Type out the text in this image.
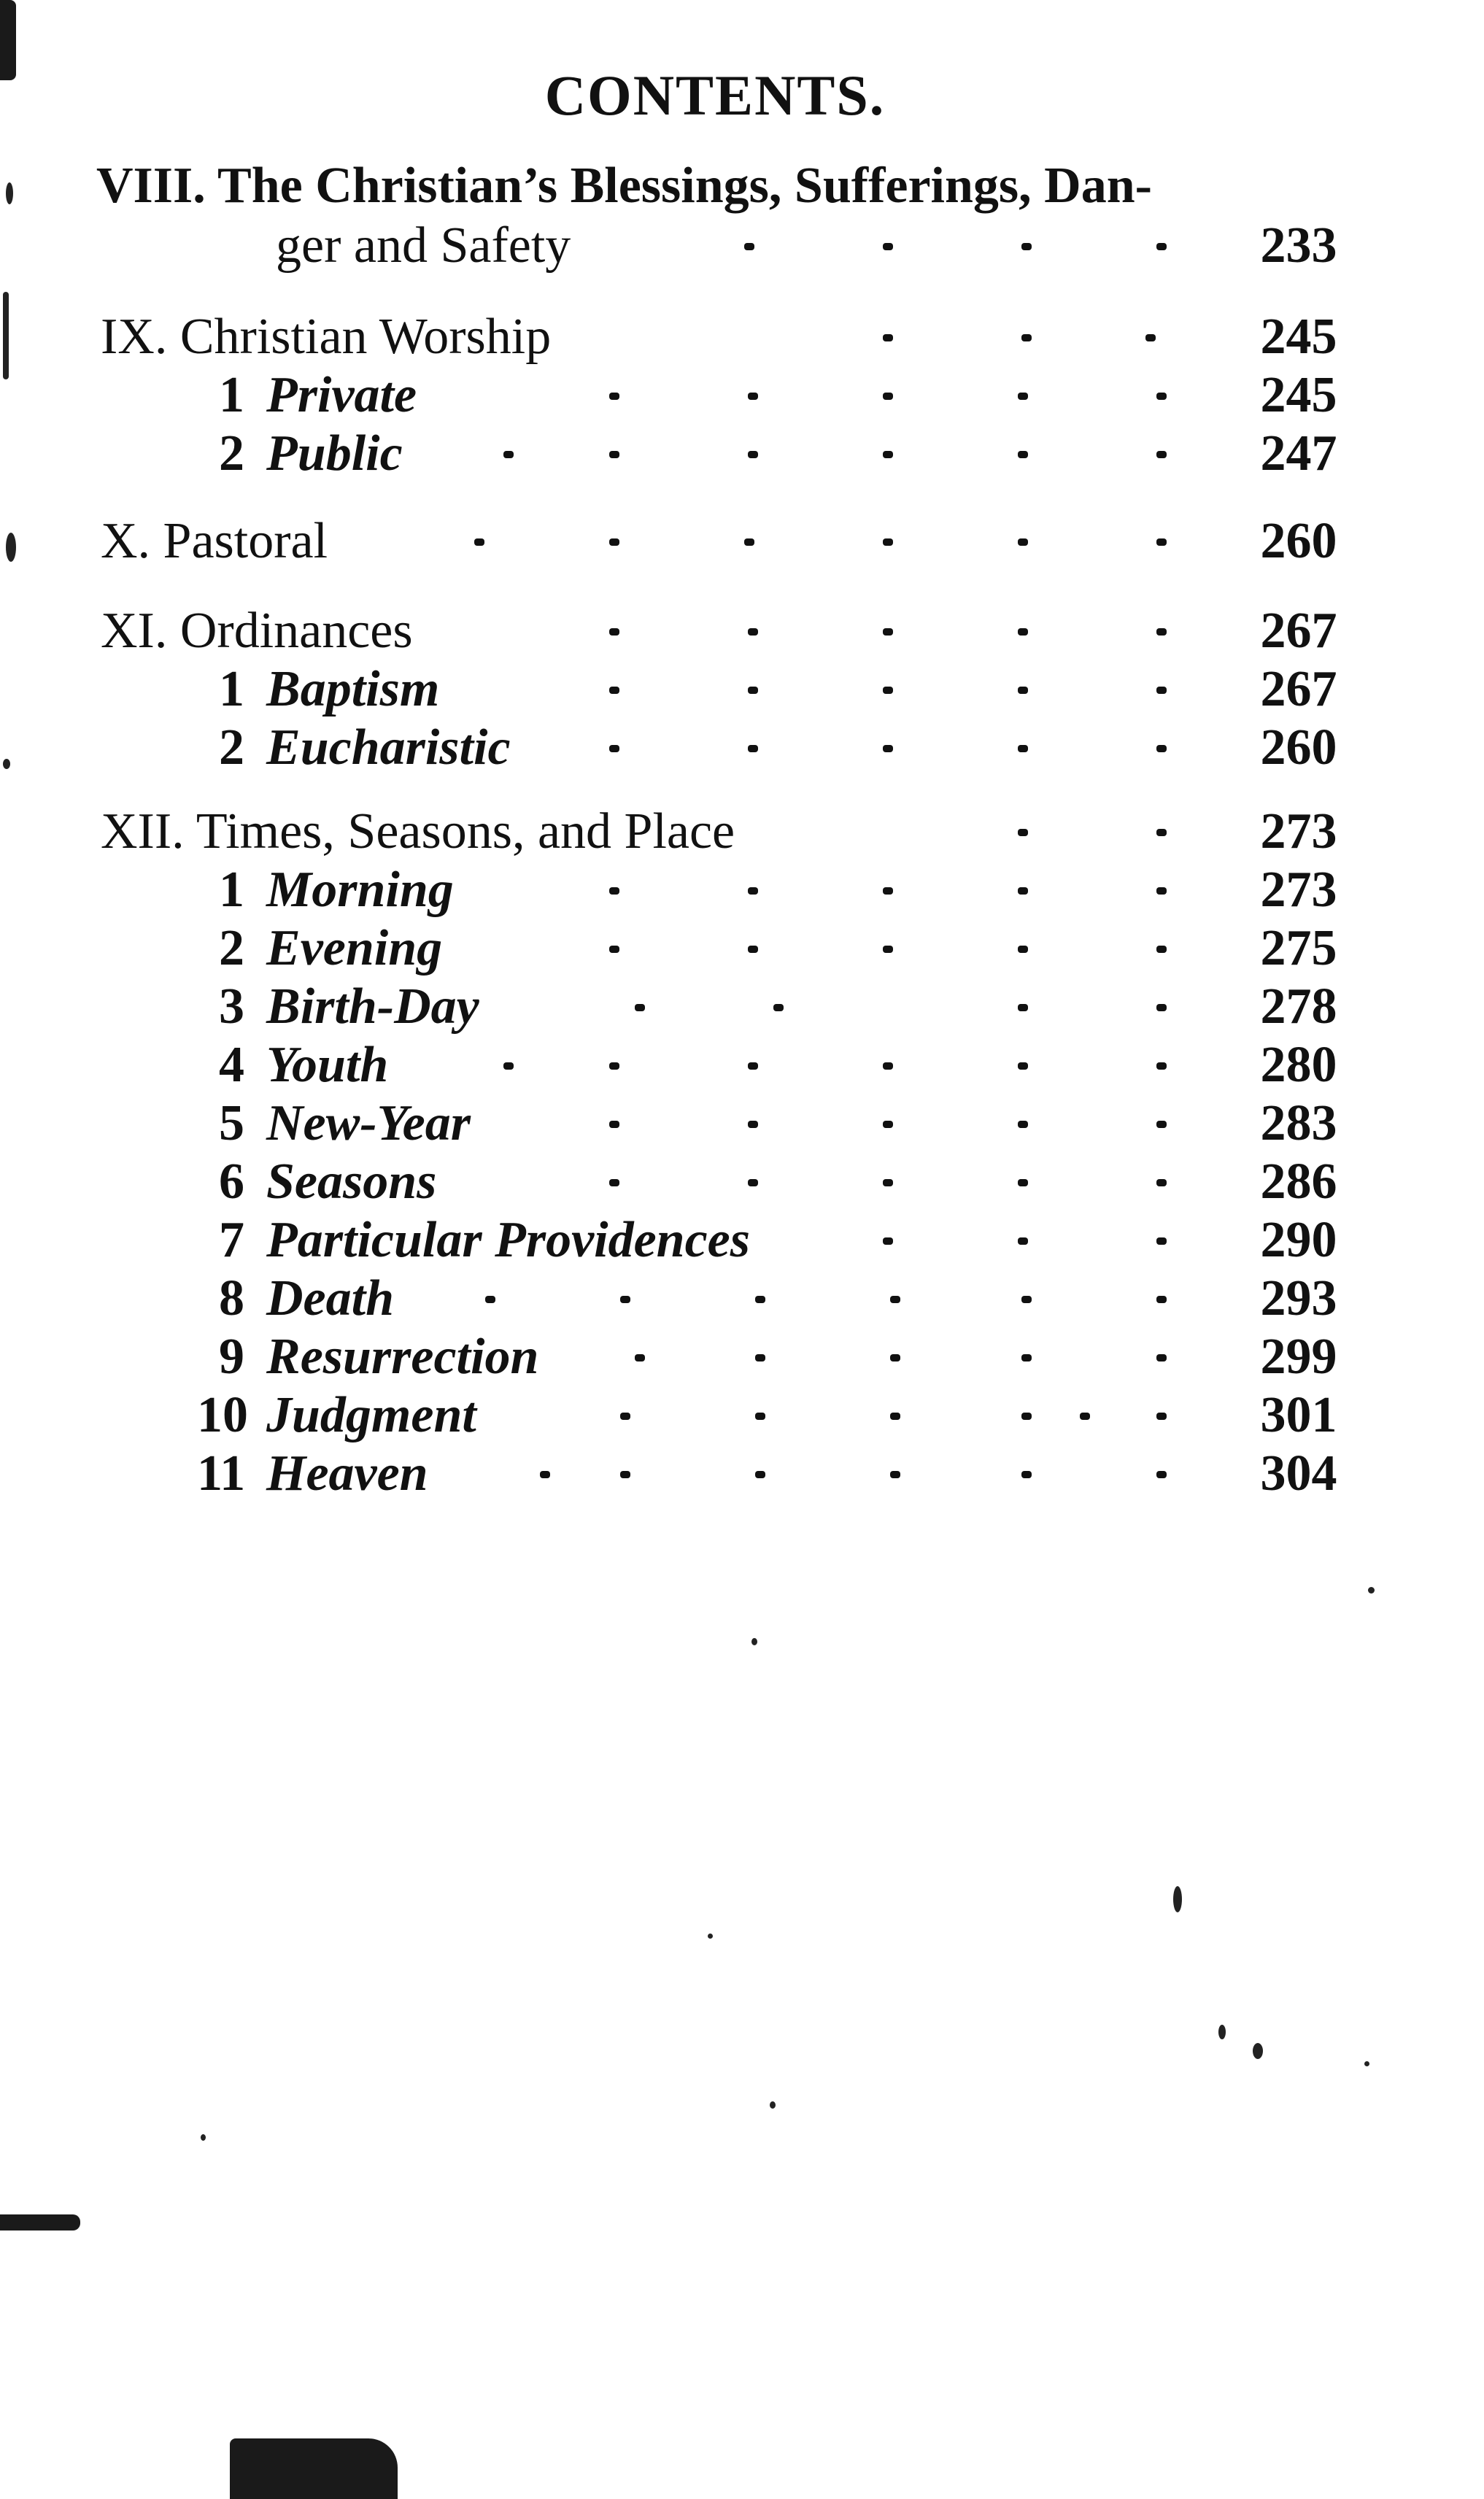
CONTENTS.
VIII. The Christian’s Blessings, Sufferings, Dan-
ger and Safety	233
IX. Christian Worship	245
1 Private	245
2 Public	247
X. Pastoral	260
XI. Ordinances	267
1 Baptism	267
2 Eucharistic	260
XII. Times, Seasons, and Place	273
1 Morning	273
2 Evening	275
3 Birth-Day	278
4 Youth	280
5 New-Year	283
6 Seasons	286
7 Particular Providences	290
8 Death	293
9 Resurrection	299
10 Judgment	301
11 Heaven	304
